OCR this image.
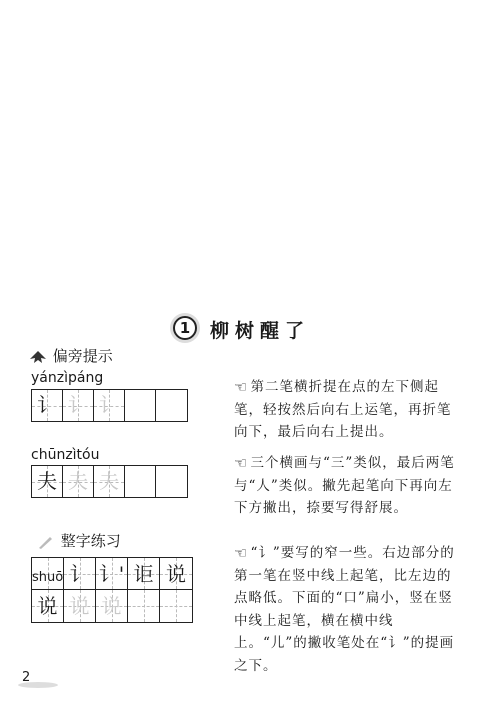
1	柳树醒了
偏旁提示
yánzìpáng
讠 讠 讠
☜ 第二笔横折提在点的左下侧起笔，轻按然后向右上运笔，再折笔向下，最后向右上提出。
chūnzìtóu
夫 夫 夫
☜ 三个横画与“三”类似，最后两笔与“人”类似。撇先起笔向下再向左下方撇出，捺要写得舒展。
整字练习
shuō 讠 讠' 讵 说
说 说 说
☜ “讠”要写的窄一些。右边部分的第一笔在竖中线上起笔，比左边的点略低。下面的“口”扁小，竖在竖中线上起笔，横在横中线上。“儿”的撇收笔处在“讠”的提画之下。
2
